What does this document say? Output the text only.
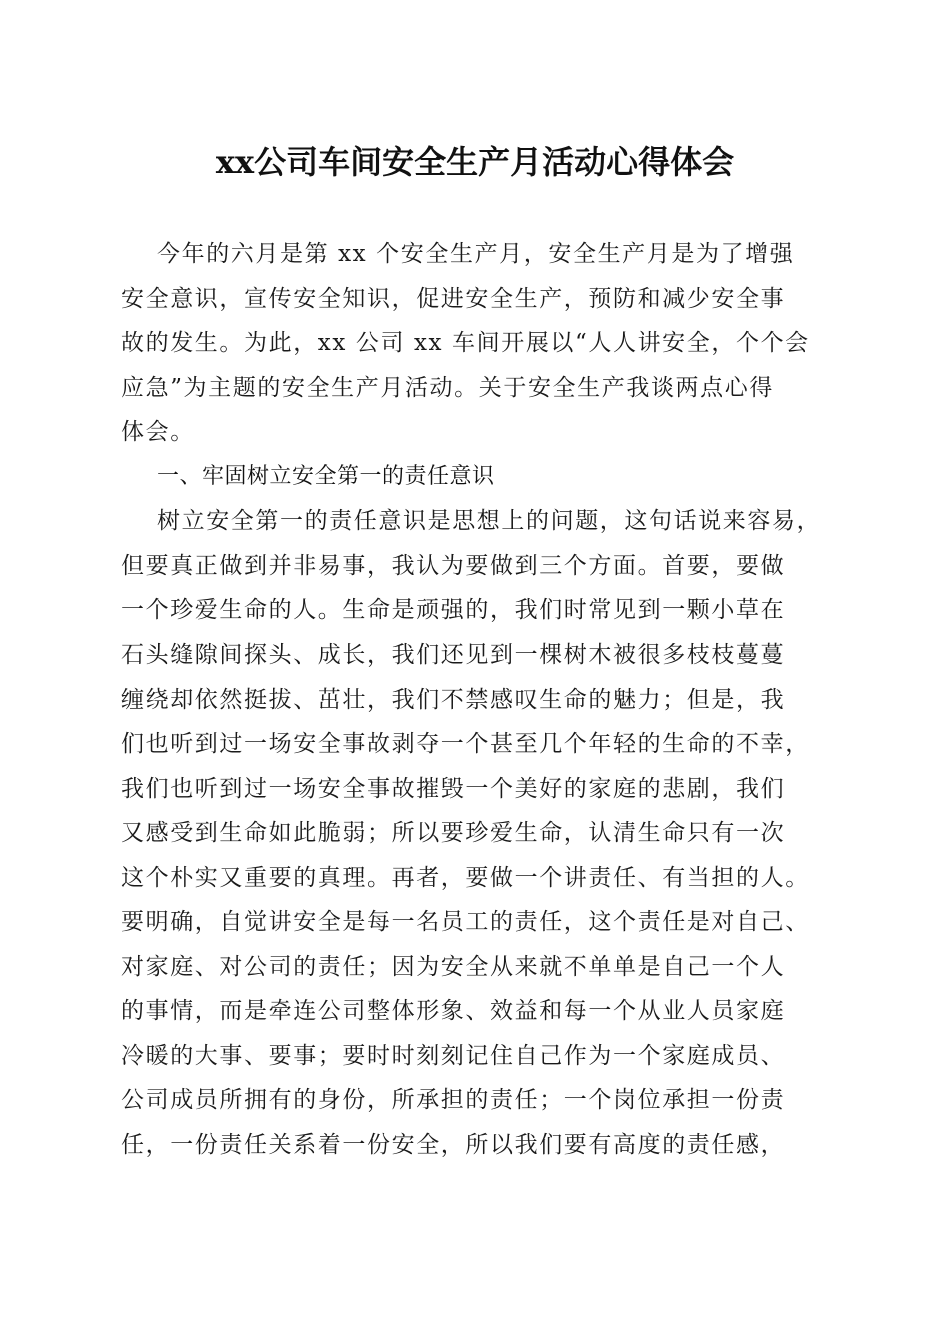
xx公司车间安全生产月活动心得体会
今年的六月是第 xx 个安全生产月，安全生产月是为了增强
安全意识，宣传安全知识，促进安全生产，预防和减少安全事
故的发生。为此，xx 公司 xx 车间开展以“人人讲安全，个个会
应急”为主题的安全生产月活动。关于安全生产我谈两点心得
体会。
一、牢固树立安全第一的责任意识
树立安全第一的责任意识是思想上的问题，这句话说来容易，
但要真正做到并非易事，我认为要做到三个方面。首要，要做
一个珍爱生命的人。生命是顽强的，我们时常见到一颗小草在
石头缝隙间探头、成长，我们还见到一棵树木被很多枝枝蔓蔓
缠绕却依然挺拔、茁壮，我们不禁感叹生命的魅力；但是，我
们也听到过一场安全事故剥夺一个甚至几个年轻的生命的不幸，
我们也听到过一场安全事故摧毁一个美好的家庭的悲剧，我们
又感受到生命如此脆弱；所以要珍爱生命，认清生命只有一次
这个朴实又重要的真理。再者，要做一个讲责任、有当担的人。
要明确，自觉讲安全是每一名员工的责任，这个责任是对自己、
对家庭、对公司的责任；因为安全从来就不单单是自己一个人
的事情，而是牵连公司整体形象、效益和每一个从业人员家庭
冷暖的大事、要事；要时时刻刻记住自己作为一个家庭成员、
公司成员所拥有的身份，所承担的责任；一个岗位承担一份责
任，一份责任关系着一份安全，所以我们要有高度的责任感，
